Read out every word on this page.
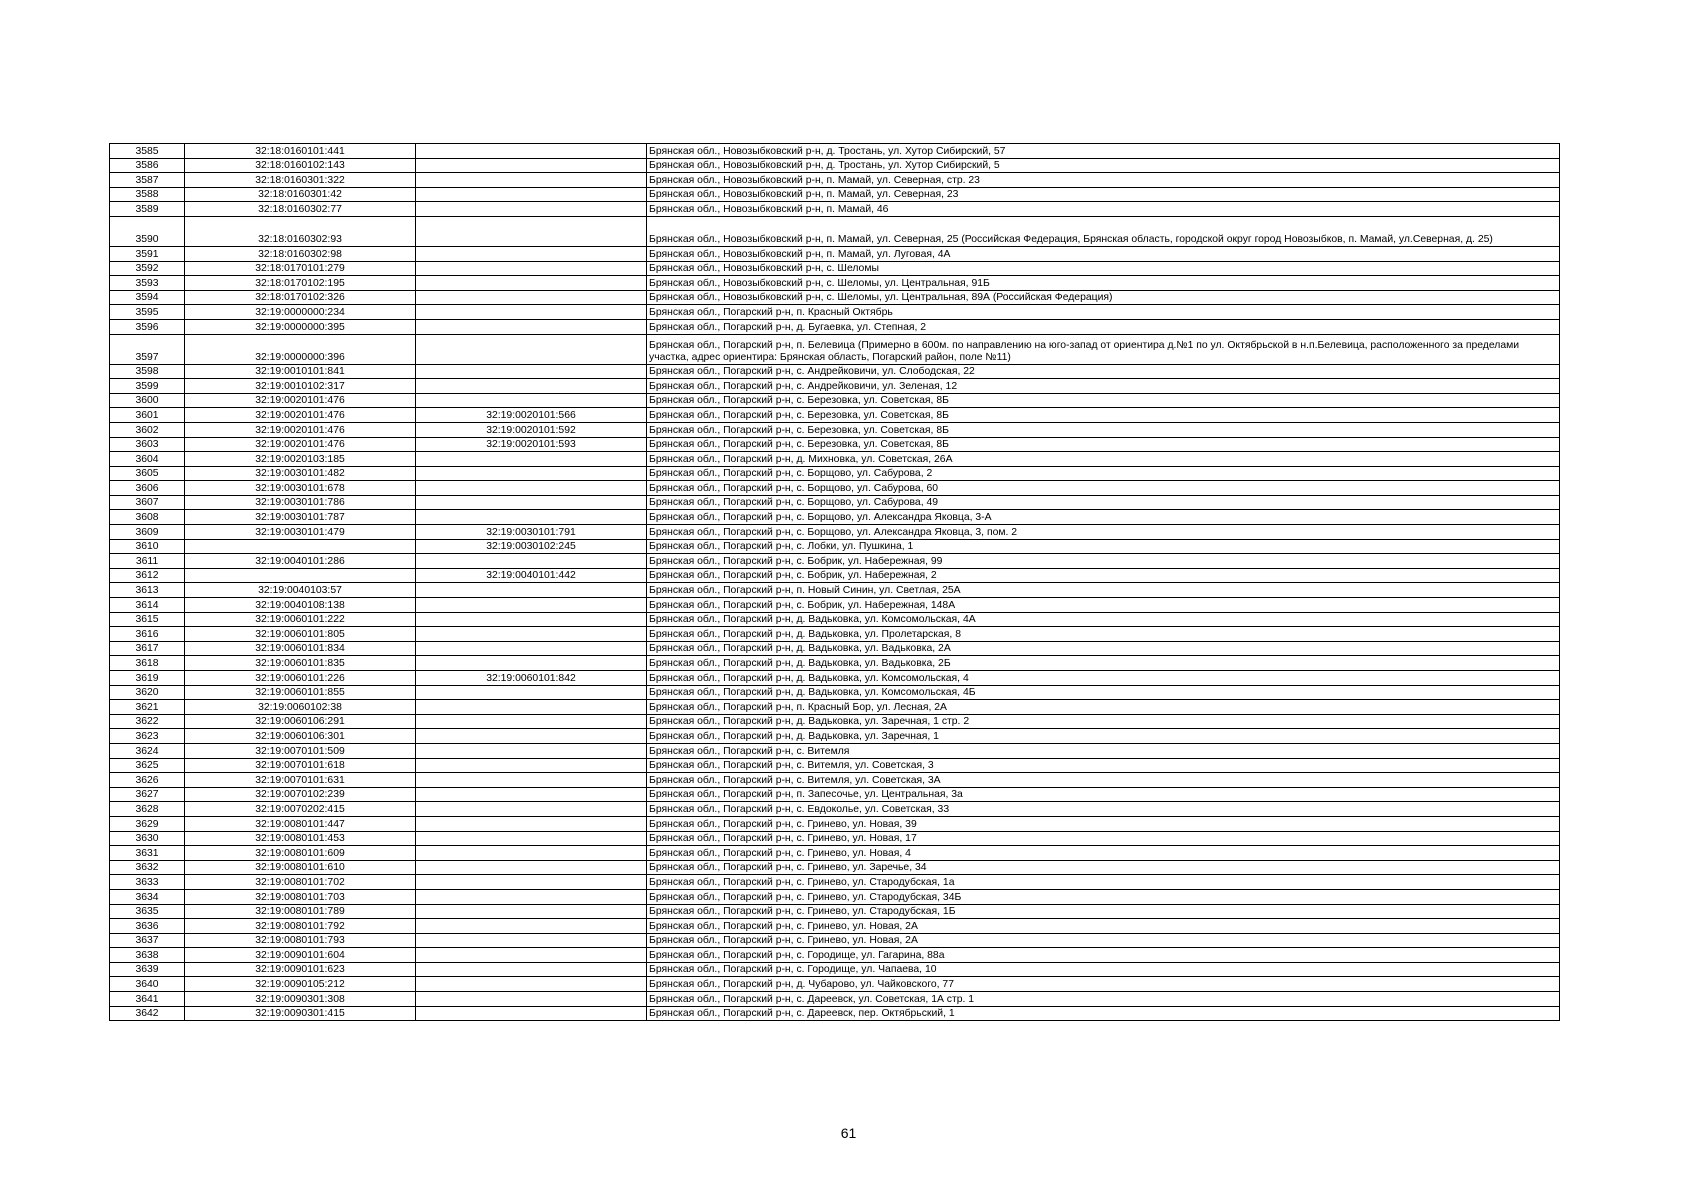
3585	32:18:0160101:441		Брянская обл., Новозыбковский р-н, д. Тростань, ул. Хутор Сибирский, 57
3586	32:18:0160102:143		Брянская обл., Новозыбковский р-н, д. Тростань, ул. Хутор Сибирский, 5
3587	32:18:0160301:322		Брянская обл., Новозыбковский р-н, п. Мамай, ул. Северная, стр. 23
3588	32:18:0160301:42		Брянская обл., Новозыбковский р-н, п. Мамай, ул. Северная, 23
3589	32:18:0160302:77		Брянская обл., Новозыбковский р-н, п. Мамай, 46
3590	32:18:0160302:93		Брянская обл., Новозыбковский р-н, п. Мамай, ул. Северная, 25 (Российская Федерация, Брянская область, городской округ город Новозыбков, п. Мамай, ул.Северная, д. 25)
3591	32:18:0160302:98		Брянская обл., Новозыбковский р-н, п. Мамай, ул. Луговая, 4А
3592	32:18:0170101:279		Брянская обл., Новозыбковский р-н, с. Шеломы
3593	32:18:0170102:195		Брянская обл., Новозыбковский р-н, с. Шеломы, ул. Центральная, 91Б
3594	32:18:0170102:326		Брянская обл., Новозыбковский р-н, с. Шеломы, ул. Центральная, 89А (Российская Федерация)
3595	32:19:0000000:234		Брянская обл., Погарский р-н, п. Красный Октябрь
3596	32:19:0000000:395		Брянская обл., Погарский р-н, д. Бугаевка, ул. Степная, 2
3597	32:19:0000000:396		Брянская обл., Погарский р-н, п. Белевица (Примерно в 600м. по направлению на юго-запад от ориентира д.№1 по ул. Октябрьской в н.п.Белевица, расположенного за пределами участка, адрес ориентира: Брянская область, Погарский район, поле №11)
3598	32:19:0010101:841		Брянская обл., Погарский р-н, с. Андрейковичи, ул. Слободская, 22
3599	32:19:0010102:317		Брянская обл., Погарский р-н, с. Андрейковичи, ул. Зеленая, 12
3600	32:19:0020101:476		Брянская обл., Погарский р-н, с. Березовка, ул. Советская, 8Б
3601	32:19:0020101:476	32:19:0020101:566	Брянская обл., Погарский р-н, с. Березовка, ул. Советская, 8Б
3602	32:19:0020101:476	32:19:0020101:592	Брянская обл., Погарский р-н, с. Березовка, ул. Советская, 8Б
3603	32:19:0020101:476	32:19:0020101:593	Брянская обл., Погарский р-н, с. Березовка, ул. Советская, 8Б
3604	32:19:0020103:185		Брянская обл., Погарский р-н, д. Михновка, ул. Советская, 26А
3605	32:19:0030101:482		Брянская обл., Погарский р-н, с. Борщово, ул. Сабурова, 2
3606	32:19:0030101:678		Брянская обл., Погарский р-н, с. Борщово, ул. Сабурова, 60
3607	32:19:0030101:786		Брянская обл., Погарский р-н, с. Борщово, ул. Сабурова, 49
3608	32:19:0030101:787		Брянская обл., Погарский р-н, с. Борщово, ул. Александра Яковца, 3-А
3609	32:19:0030101:479	32:19:0030101:791	Брянская обл., Погарский р-н, с. Борщово, ул. Александра Яковца, 3, пом. 2
3610		32:19:0030102:245	Брянская обл., Погарский р-н, с. Лобки, ул. Пушкина, 1
3611	32:19:0040101:286		Брянская обл., Погарский р-н, с. Бобрик, ул. Набережная, 99
3612		32:19:0040101:442	Брянская обл., Погарский р-н, с. Бобрик, ул. Набережная, 2
3613	32:19:0040103:57		Брянская обл., Погарский р-н, п. Новый Синин, ул. Светлая, 25А
3614	32:19:0040108:138		Брянская обл., Погарский р-н, с. Бобрик, ул. Набережная, 148А
3615	32:19:0060101:222		Брянская обл., Погарский р-н, д. Вадьковка, ул. Комсомольская, 4А
3616	32:19:0060101:805		Брянская обл., Погарский р-н, д. Вадьковка, ул. Пролетарская, 8
3617	32:19:0060101:834		Брянская обл., Погарский р-н, д. Вадьковка, ул. Вадьковка, 2А
3618	32:19:0060101:835		Брянская обл., Погарский р-н, д. Вадьковка, ул. Вадьковка, 2Б
3619	32:19:0060101:226	32:19:0060101:842	Брянская обл., Погарский р-н, д. Вадьковка, ул. Комсомольская, 4
3620	32:19:0060101:855		Брянская обл., Погарский р-н, д. Вадьковка, ул. Комсомольская, 4Б
3621	32:19:0060102:38		Брянская обл., Погарский р-н, п. Красный Бор, ул. Лесная, 2А
3622	32:19:0060106:291		Брянская обл., Погарский р-н, д. Вадьковка, ул. Заречная, 1 стр. 2
3623	32:19:0060106:301		Брянская обл., Погарский р-н, д. Вадьковка, ул. Заречная, 1
3624	32:19:0070101:509		Брянская обл., Погарский р-н, с. Витемля
3625	32:19:0070101:618		Брянская обл., Погарский р-н, с. Витемля, ул. Советская, 3
3626	32:19:0070101:631		Брянская обл., Погарский р-н, с. Витемля, ул. Советская, 3А
3627	32:19:0070102:239		Брянская обл., Погарский р-н, п. Запесочье, ул. Центральная, 3а
3628	32:19:0070202:415		Брянская обл., Погарский р-н, с. Евдоколье, ул. Советская, 33
3629	32:19:0080101:447		Брянская обл., Погарский р-н, с. Гринево, ул. Новая, 39
3630	32:19:0080101:453		Брянская обл., Погарский р-н, с. Гринево, ул. Новая, 17
3631	32:19:0080101:609		Брянская обл., Погарский р-н, с. Гринево, ул. Новая, 4
3632	32:19:0080101:610		Брянская обл., Погарский р-н, с. Гринево, ул. Заречье, 34
3633	32:19:0080101:702		Брянская обл., Погарский р-н, с. Гринево, ул. Стародубская, 1а
3634	32:19:0080101:703		Брянская обл., Погарский р-н, с. Гринево, ул. Стародубская, 34Б
3635	32:19:0080101:789		Брянская обл., Погарский р-н, с. Гринево, ул. Стародубская, 1Б
3636	32:19:0080101:792		Брянская обл., Погарский р-н, с. Гринево, ул. Новая, 2А
3637	32:19:0080101:793		Брянская обл., Погарский р-н, с. Гринево, ул. Новая, 2А
3638	32:19:0090101:604		Брянская обл., Погарский р-н, с. Городище, ул. Гагарина, 88а
3639	32:19:0090101:623		Брянская обл., Погарский р-н, с. Городище, ул. Чапаева, 10
3640	32:19:0090105:212		Брянская обл., Погарский р-н, д. Чубарово, ул. Чайковского, 77
3641	32:19:0090301:308		Брянская обл., Погарский р-н, с. Дареевск, ул. Советская, 1А стр. 1
3642	32:19:0090301:415		Брянская обл., Погарский р-н, с. Дареевск, пер. Октябрьский, 1
61
